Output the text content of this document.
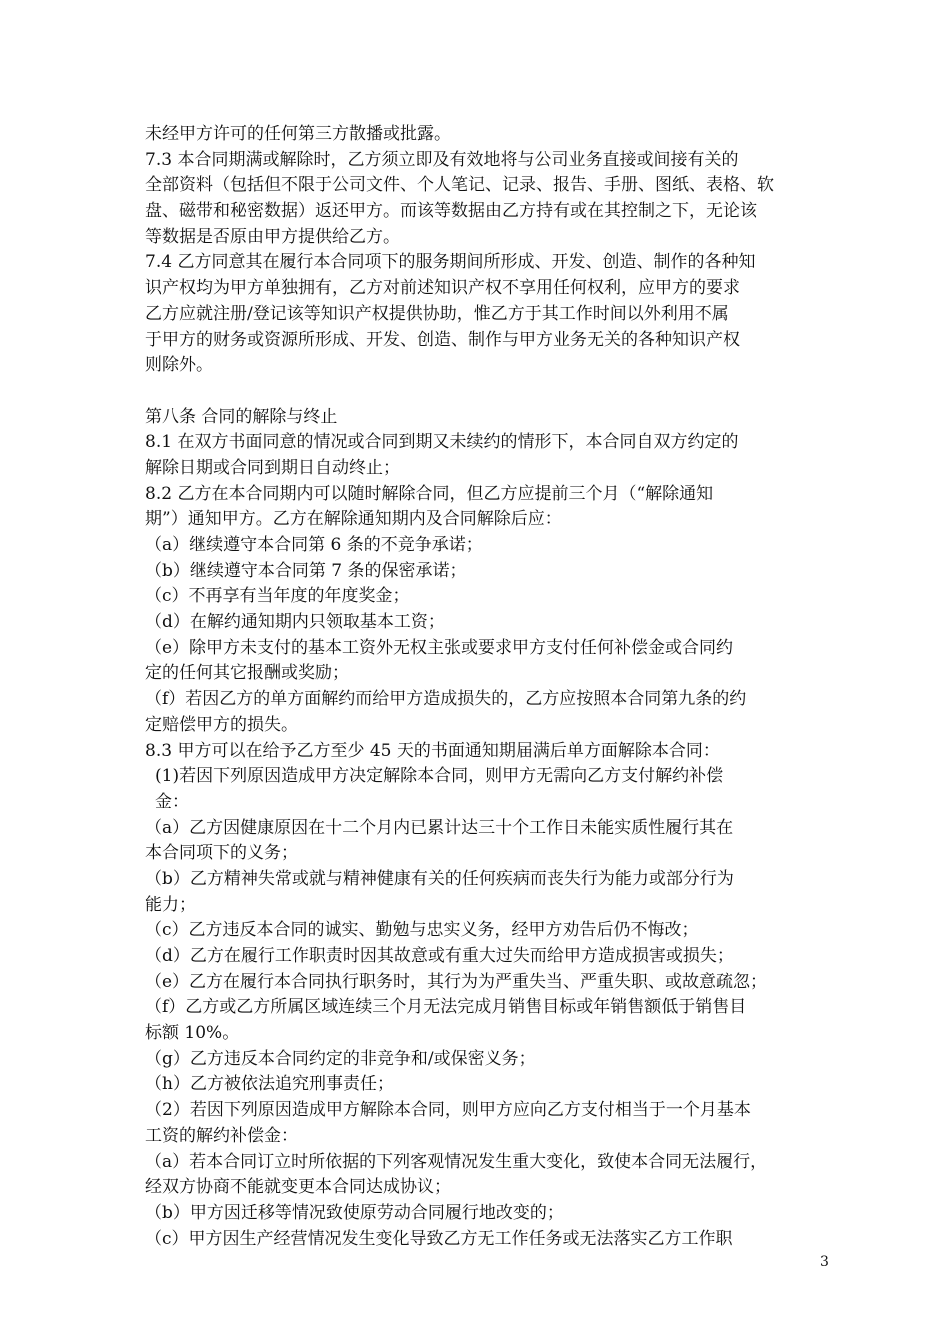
未经甲方许可的任何第三方散播或批露。
7.3 本合同期满或解除时，乙方须立即及有效地将与公司业务直接或间接有关的
全部资料（包括但不限于公司文件、个人笔记、记录、报告、手册、图纸、表格、软
盘、磁带和秘密数据）返还甲方。而该等数据由乙方持有或在其控制之下，无论该
等数据是否原由甲方提供给乙方。
7.4 乙方同意其在履行本合同项下的服务期间所形成、开发、创造、制作的各种知
识产权均为甲方单独拥有，乙方对前述知识产权不享用任何权利，应甲方的要求
乙方应就注册/登记该等知识产权提供协助，惟乙方于其工作时间以外利用不属
于甲方的财务或资源所形成、开发、创造、制作与甲方业务无关的各种知识产权
则除外。
第八条 合同的解除与终止
8.1 在双方书面同意的情况或合同到期又未续约的情形下，本合同自双方约定的
解除日期或合同到期日自动终止；
8.2 乙方在本合同期内可以随时解除合同，但乙方应提前三个月（“解除通知
期”）通知甲方。乙方在解除通知期内及合同解除后应：
（a）继续遵守本合同第 6 条的不竞争承诺；
（b）继续遵守本合同第 7 条的保密承诺；
（c）不再享有当年度的年度奖金；
（d）在解约通知期内只领取基本工资；
（e）除甲方未支付的基本工资外无权主张或要求甲方支付任何补偿金或合同约
定的任何其它报酬或奖励；
（f）若因乙方的单方面解约而给甲方造成损失的，乙方应按照本合同第九条的约
定赔偿甲方的损失。
8.3 甲方可以在给予乙方至少 45 天的书面通知期届满后单方面解除本合同：
(1)若因下列原因造成甲方决定解除本合同，则甲方无需向乙方支付解约补偿
金：
（a）乙方因健康原因在十二个月内已累计达三十个工作日未能实质性履行其在
本合同项下的义务；
（b）乙方精神失常或就与精神健康有关的任何疾病而丧失行为能力或部分行为
能力；
（c）乙方违反本合同的诚实、勤勉与忠实义务，经甲方劝告后仍不悔改；
（d）乙方在履行工作职责时因其故意或有重大过失而给甲方造成损害或损失；
（e）乙方在履行本合同执行职务时，其行为为严重失当、严重失职、或故意疏忽；
（f）乙方或乙方所属区域连续三个月无法完成月销售目标或年销售额低于销售目
标额 10%。
（g）乙方违反本合同约定的非竞争和/或保密义务；
（h）乙方被依法追究刑事责任；
（2）若因下列原因造成甲方解除本合同，则甲方应向乙方支付相当于一个月基本
工资的解约补偿金：
（a）若本合同订立时所依据的下列客观情况发生重大变化，致使本合同无法履行，
经双方协商不能就变更本合同达成协议；
（b）甲方因迁移等情况致使原劳动合同履行地改变的；
（c）甲方因生产经营情况发生变化导致乙方无工作任务或无法落实乙方工作职
3
